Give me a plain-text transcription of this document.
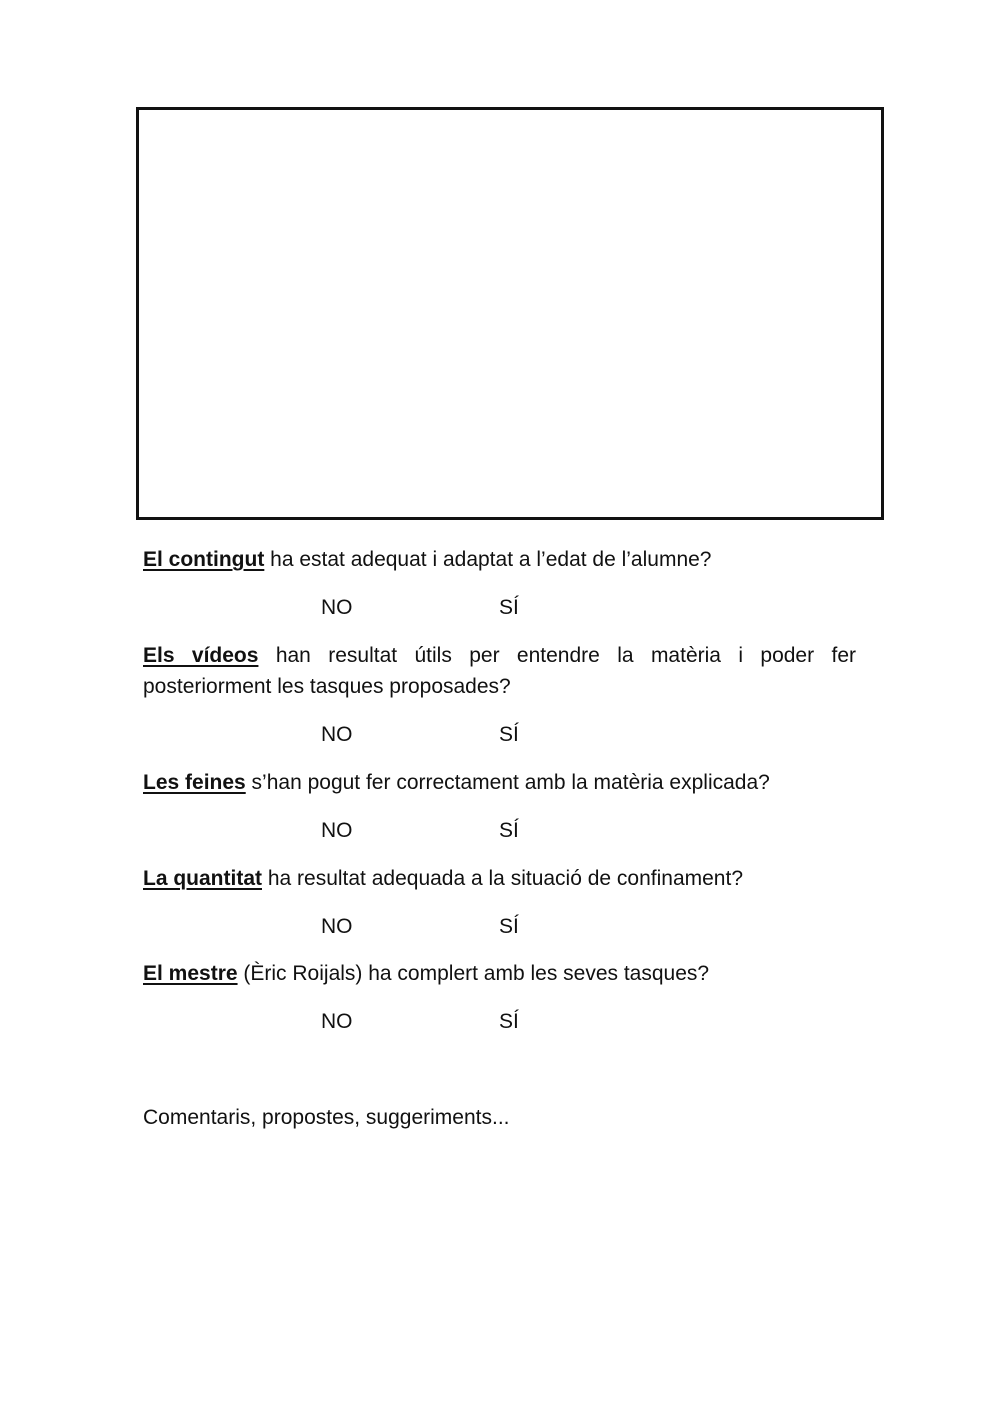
El contingut ha estat adequat i adaptat a l’edat de l’alumne?
NO	SÍ
Els vídeos han resultat útils per entendre la matèria i poder fer posteriorment les tasques proposades?
NO	SÍ
Les feines s’han pogut fer correctament amb la matèria explicada?
NO	SÍ
La quantitat ha resultat adequada a la situació de confinament?
NO	SÍ
El mestre (Èric Roijals) ha complert amb les seves tasques?
NO	SÍ
Comentaris, propostes, suggeriments...
